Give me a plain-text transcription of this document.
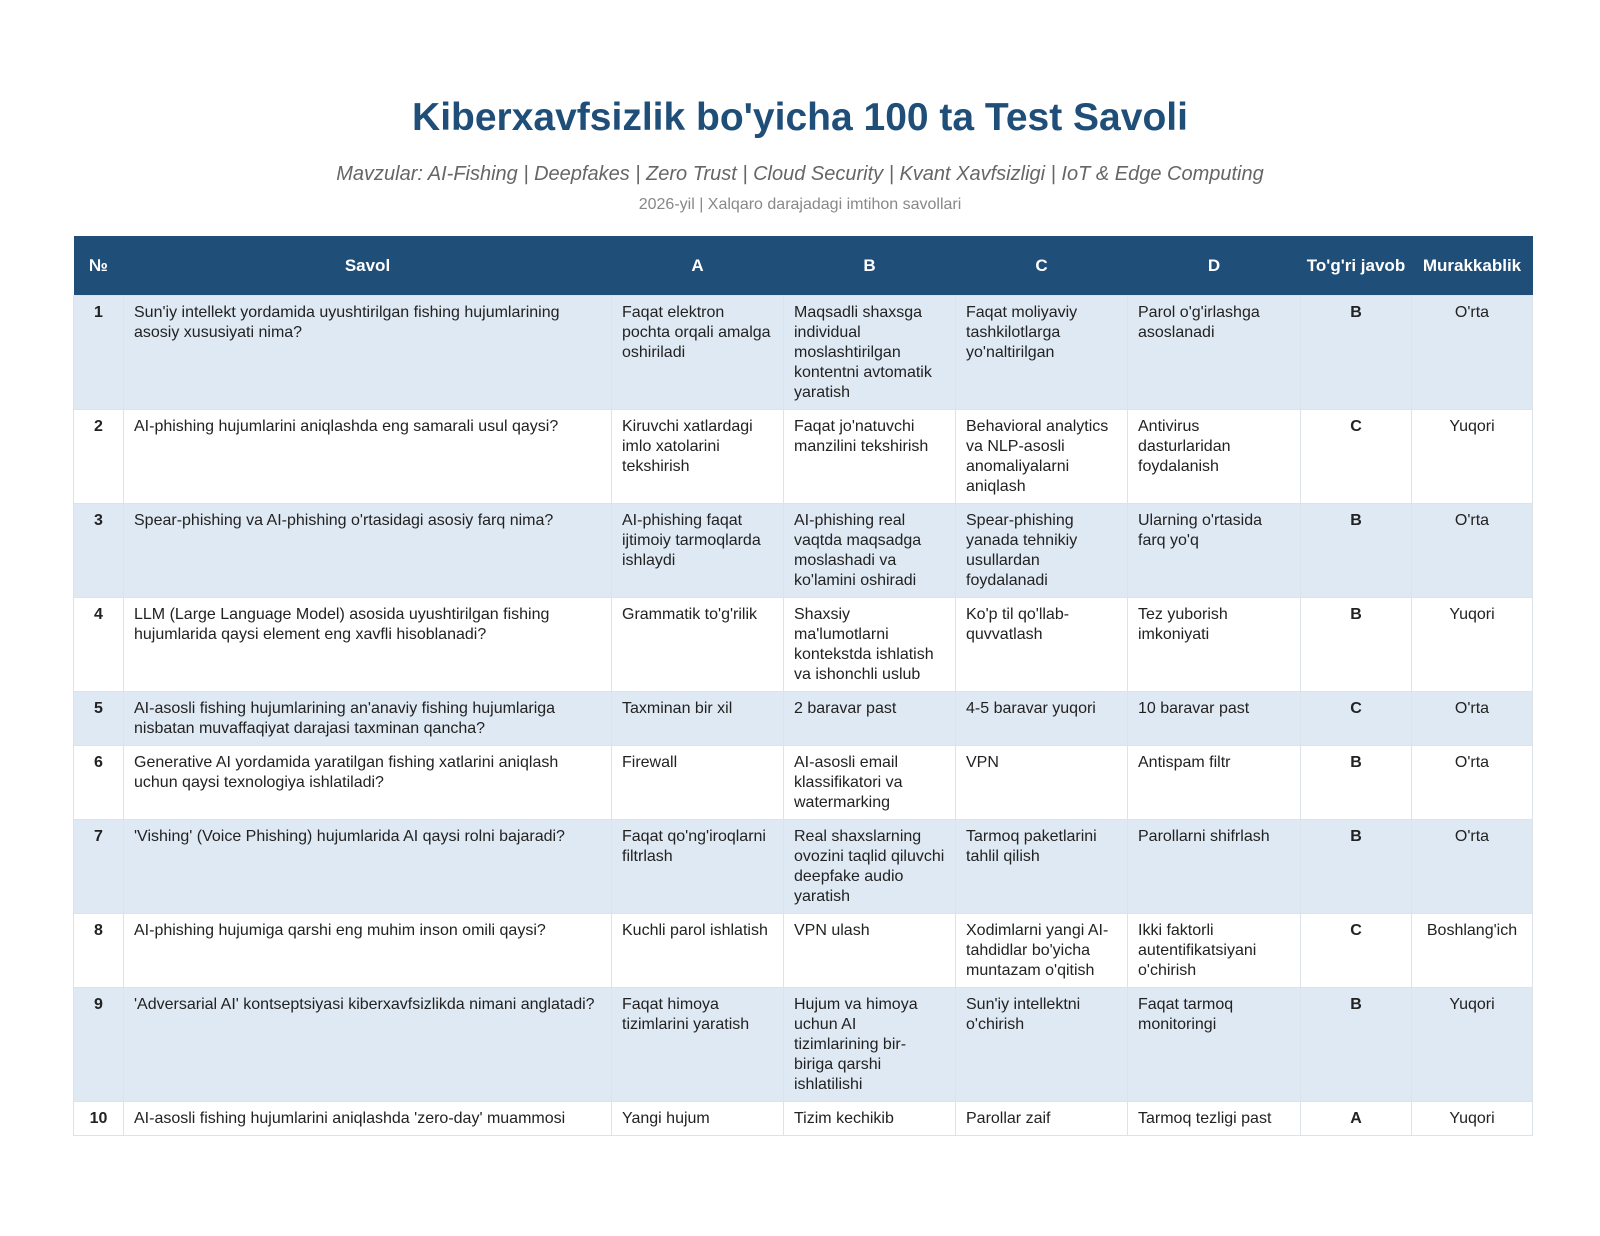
Kiberxavfsizlik bo'yicha 100 ta Test Savoli
Mavzular: AI-Fishing | Deepfakes | Zero Trust | Cloud Security | Kvant Xavfsizligi | IoT & Edge Computing
2026-yil | Xalqaro darajadagi imtihon savollari
№	Savol	A	B	C	D	To'g'ri javob	Murakkablik
1	Sun'iy intellekt yordamida uyushtirilgan fishing hujumlarining asosiy xususiyati nima?	Faqat elektron pochta orqali amalga oshiriladi	Maqsadli shaxsga individual moslashtirilgan kontentni avtomatik yaratish	Faqat moliyaviy tashkilotlarga yo'naltirilgan	Parol o'g'irlashga asoslanadi	B	O'rta
2	AI-phishing hujumlarini aniqlashda eng samarali usul qaysi?	Kiruvchi xatlardagi imlo xatolarini tekshirish	Faqat jo'natuvchi manzilini tekshirish	Behavioral analytics va NLP-asosli anomaliyalarni aniqlash	Antivirus dasturlaridan foydalanish	C	Yuqori
3	Spear-phishing va AI-phishing o'rtasidagi asosiy farq nima?	AI-phishing faqat ijtimoiy tarmoqlarda ishlaydi	AI-phishing real vaqtda maqsadga moslashadi va ko'lamini oshiradi	Spear-phishing yanada tehnikiy usullardan foydalanadi	Ularning o'rtasida farq yo'q	B	O'rta
4	LLM (Large Language Model) asosida uyushtirilgan fishing hujumlarida qaysi element eng xavfli hisoblanadi?	Grammatik to'g'rilik	Shaxsiy ma'lumotlarni kontekstda ishlatish va ishonchli uslub	Ko'p til qo'llab-quvvatlash	Tez yuborish imkoniyati	B	Yuqori
5	AI-asosli fishing hujumlarining an'anaviy fishing hujumlariga nisbatan muvaffaqiyat darajasi taxminan qancha?	Taxminan bir xil	2 baravar past	4-5 baravar yuqori	10 baravar past	C	O'rta
6	Generative AI yordamida yaratilgan fishing xatlarini aniqlash uchun qaysi texnologiya ishlatiladi?	Firewall	AI-asosli email klassifikatori va watermarking	VPN	Antispam filtr	B	O'rta
7	'Vishing' (Voice Phishing) hujumlarida AI qaysi rolni bajaradi?	Faqat qo'ng'iroqlarni filtrlash	Real shaxslarning ovozini taqlid qiluvchi deepfake audio yaratish	Tarmoq paketlarini tahlil qilish	Parollarni shifrlash	B	O'rta
8	AI-phishing hujumiga qarshi eng muhim inson omili qaysi?	Kuchli parol ishlatish	VPN ulash	Xodimlarni yangi AI-tahdidlar bo'yicha muntazam o'qitish	Ikki faktorli autentifikatsiyani o'chirish	C	Boshlang'ich
9	'Adversarial AI' kontseptsiyasi kiberxavfsizlikda nimani anglatadi?	Faqat himoya tizimlarini yaratish	Hujum va himoya uchun AI tizimlarining bir-biriga qarshi ishlatilishi	Sun'iy intellektni o'chirish	Faqat tarmoq monitoringi	B	Yuqori
10	AI-asosli fishing hujumlarini aniqlashda 'zero-day' muammosi	Yangi hujum	Tizim kechikib	Parollar zaif	Tarmoq tezligi past	A	Yuqori
